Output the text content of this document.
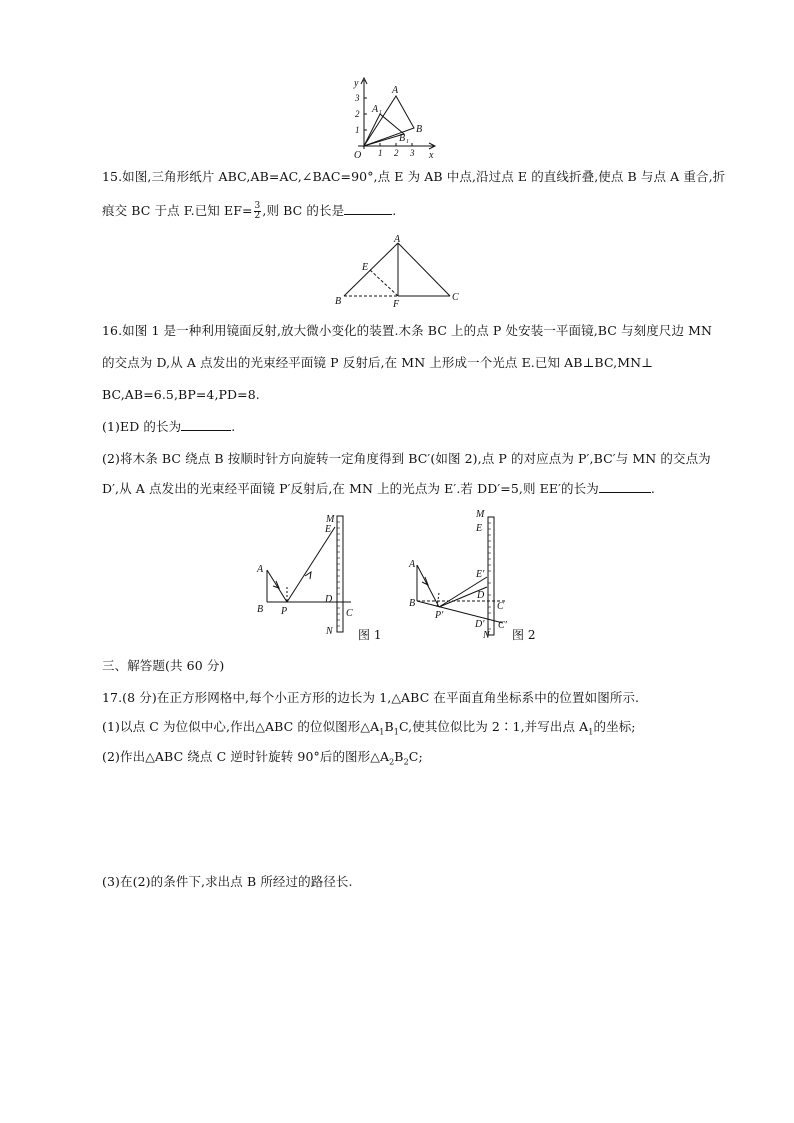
y
x
O
A
A 1
B
B 1
3
2
1
1 2 3
15.如图,三角形纸片 ABC,AB=AC,∠BAC=90°,点 E 为 AB 中点,沿过点 E 的直线折叠,使点 B 与点 A 重合,折
痕交 BC 于点 F.已知 $EF= \frac{3}{2}$ ,则 BC 的长是	.
A
E
B	F
C
16.如图 1 是一种利用镜面反射,放大微小变化的装置.木条 BC 上的点 P 处安装一平面镜,BC 与刻度尺边 MN
的交点为 D,从 A 点发出的光束经平面镜 P 反射后,在 MN 上形成一个光点 E.已知 AB⊥BC,MN⊥
BC,AB=6.5,BP=4,PD=8.
(1)ED 的长为	.
(2)将木条 BC 绕点 B 按顺时针方向旋转一定角度得到 BC′(如图 2),点 P 的对应点为 P′,BC′与 MN 的交点为
D′,从 A 点发出的光束经平面镜 P′反射后,在 MN 上的光点为 E′.若 DD′=5,则 EE′的长为	.
M
E
A
D
B P	C
N 图 1
M
E
E′
A
D
B	C
P′
D′ C′
N 图 2
三、解答题(共 60 分)
17.(8 分)在正方形网格中,每个小正方形的边长为 1,△ABC 在平面直角坐标系中的位置如图所示.
(1)以点 C 为位似中心,作出△ABC 的位似图形$\triangle A_1B_1C$,使其位似比为 2∶1,并写出点 $A_1$的坐标;
(2)作出△ABC 绕点 C 逆时针旋转 90°后的图形$\triangle A_2B_2C$;
(3)在(2)的条件下,求出点 B 所经过的路径长.
